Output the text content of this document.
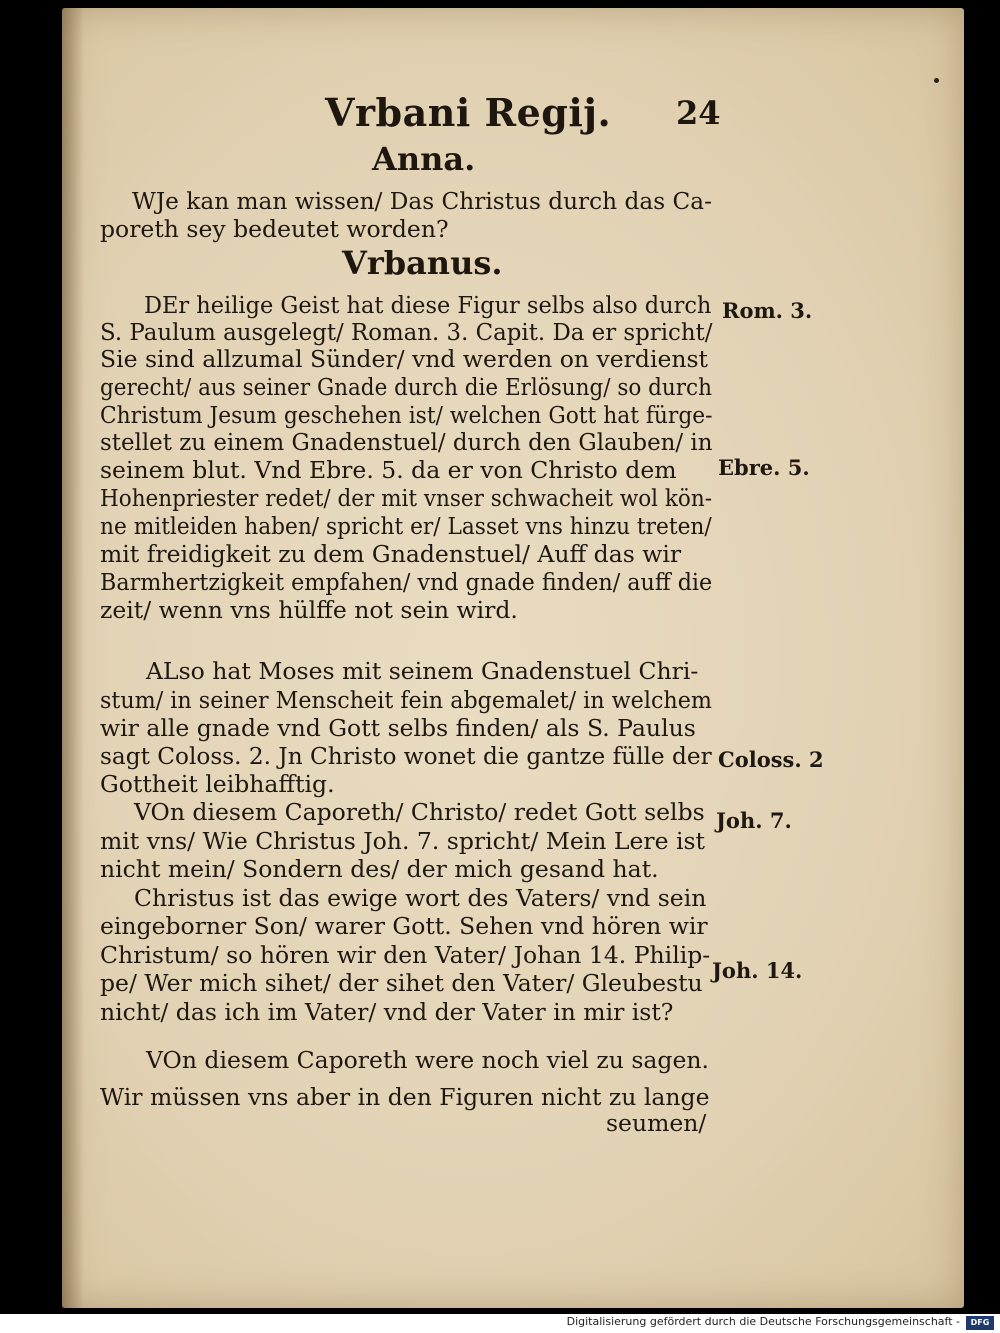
Vrbani Regij. 24
Anna.
Vrbanus.
WJe kan man wissen/ Das Christus durch das Ca-
poreth sey bedeutet worden?
DEr heilige Geist hat diese Figur selbs also durch
S. Paulum ausgelegt/ Roman. 3. Capit. Da er spricht/
Sie sind allzumal Sünder/ vnd werden on verdienst
gerecht/ aus seiner Gnade durch die Erlösung/ so durch
Christum Jesum geschehen ist/ welchen Gott hat fürge-
stellet zu einem Gnadenstuel/ durch den Glauben/ in
seinem blut. Vnd Ebre. 5. da er von Christo dem
Hohenpriester redet/ der mit vnser schwacheit wol kön-
ne mitleiden haben/ spricht er/ Lasset vns hinzu treten/
mit freidigkeit zu dem Gnadenstuel/ Auff das wir
Barmhertzigkeit empfahen/ vnd gnade finden/ auff die
zeit/ wenn vns hülffe not sein wird.
ALso hat Moses mit seinem Gnadenstuel Chri-
stum/ in seiner Menscheit fein abgemalet/ in welchem
wir alle gnade vnd Gott selbs finden/ als S. Paulus
sagt Coloss. 2. Jn Christo wonet die gantze fülle der
Gottheit leibhafftig.
VOn diesem Caporeth/ Christo/ redet Gott selbs
mit vns/ Wie Christus Joh. 7. spricht/ Mein Lere ist
nicht mein/ Sondern des/ der mich gesand hat.
Christus ist das ewige wort des Vaters/ vnd sein
eingeborner Son/ warer Gott. Sehen vnd hören wir
Christum/ so hören wir den Vater/ Johan 14. Philip-
pe/ Wer mich sihet/ der sihet den Vater/ Gleubestu
nicht/ das ich im Vater/ vnd der Vater in mir ist?
VOn diesem Caporeth were noch viel zu sagen.
Wir müssen vns aber in den Figuren nicht zu lange
seumen/
Rom. 3.
Ebre. 5.
Coloss. 2
Joh. 7.
Joh. 14.
Digitalisierung gefördert durch die Deutsche Forschungsgemeinschaft -	DFG
